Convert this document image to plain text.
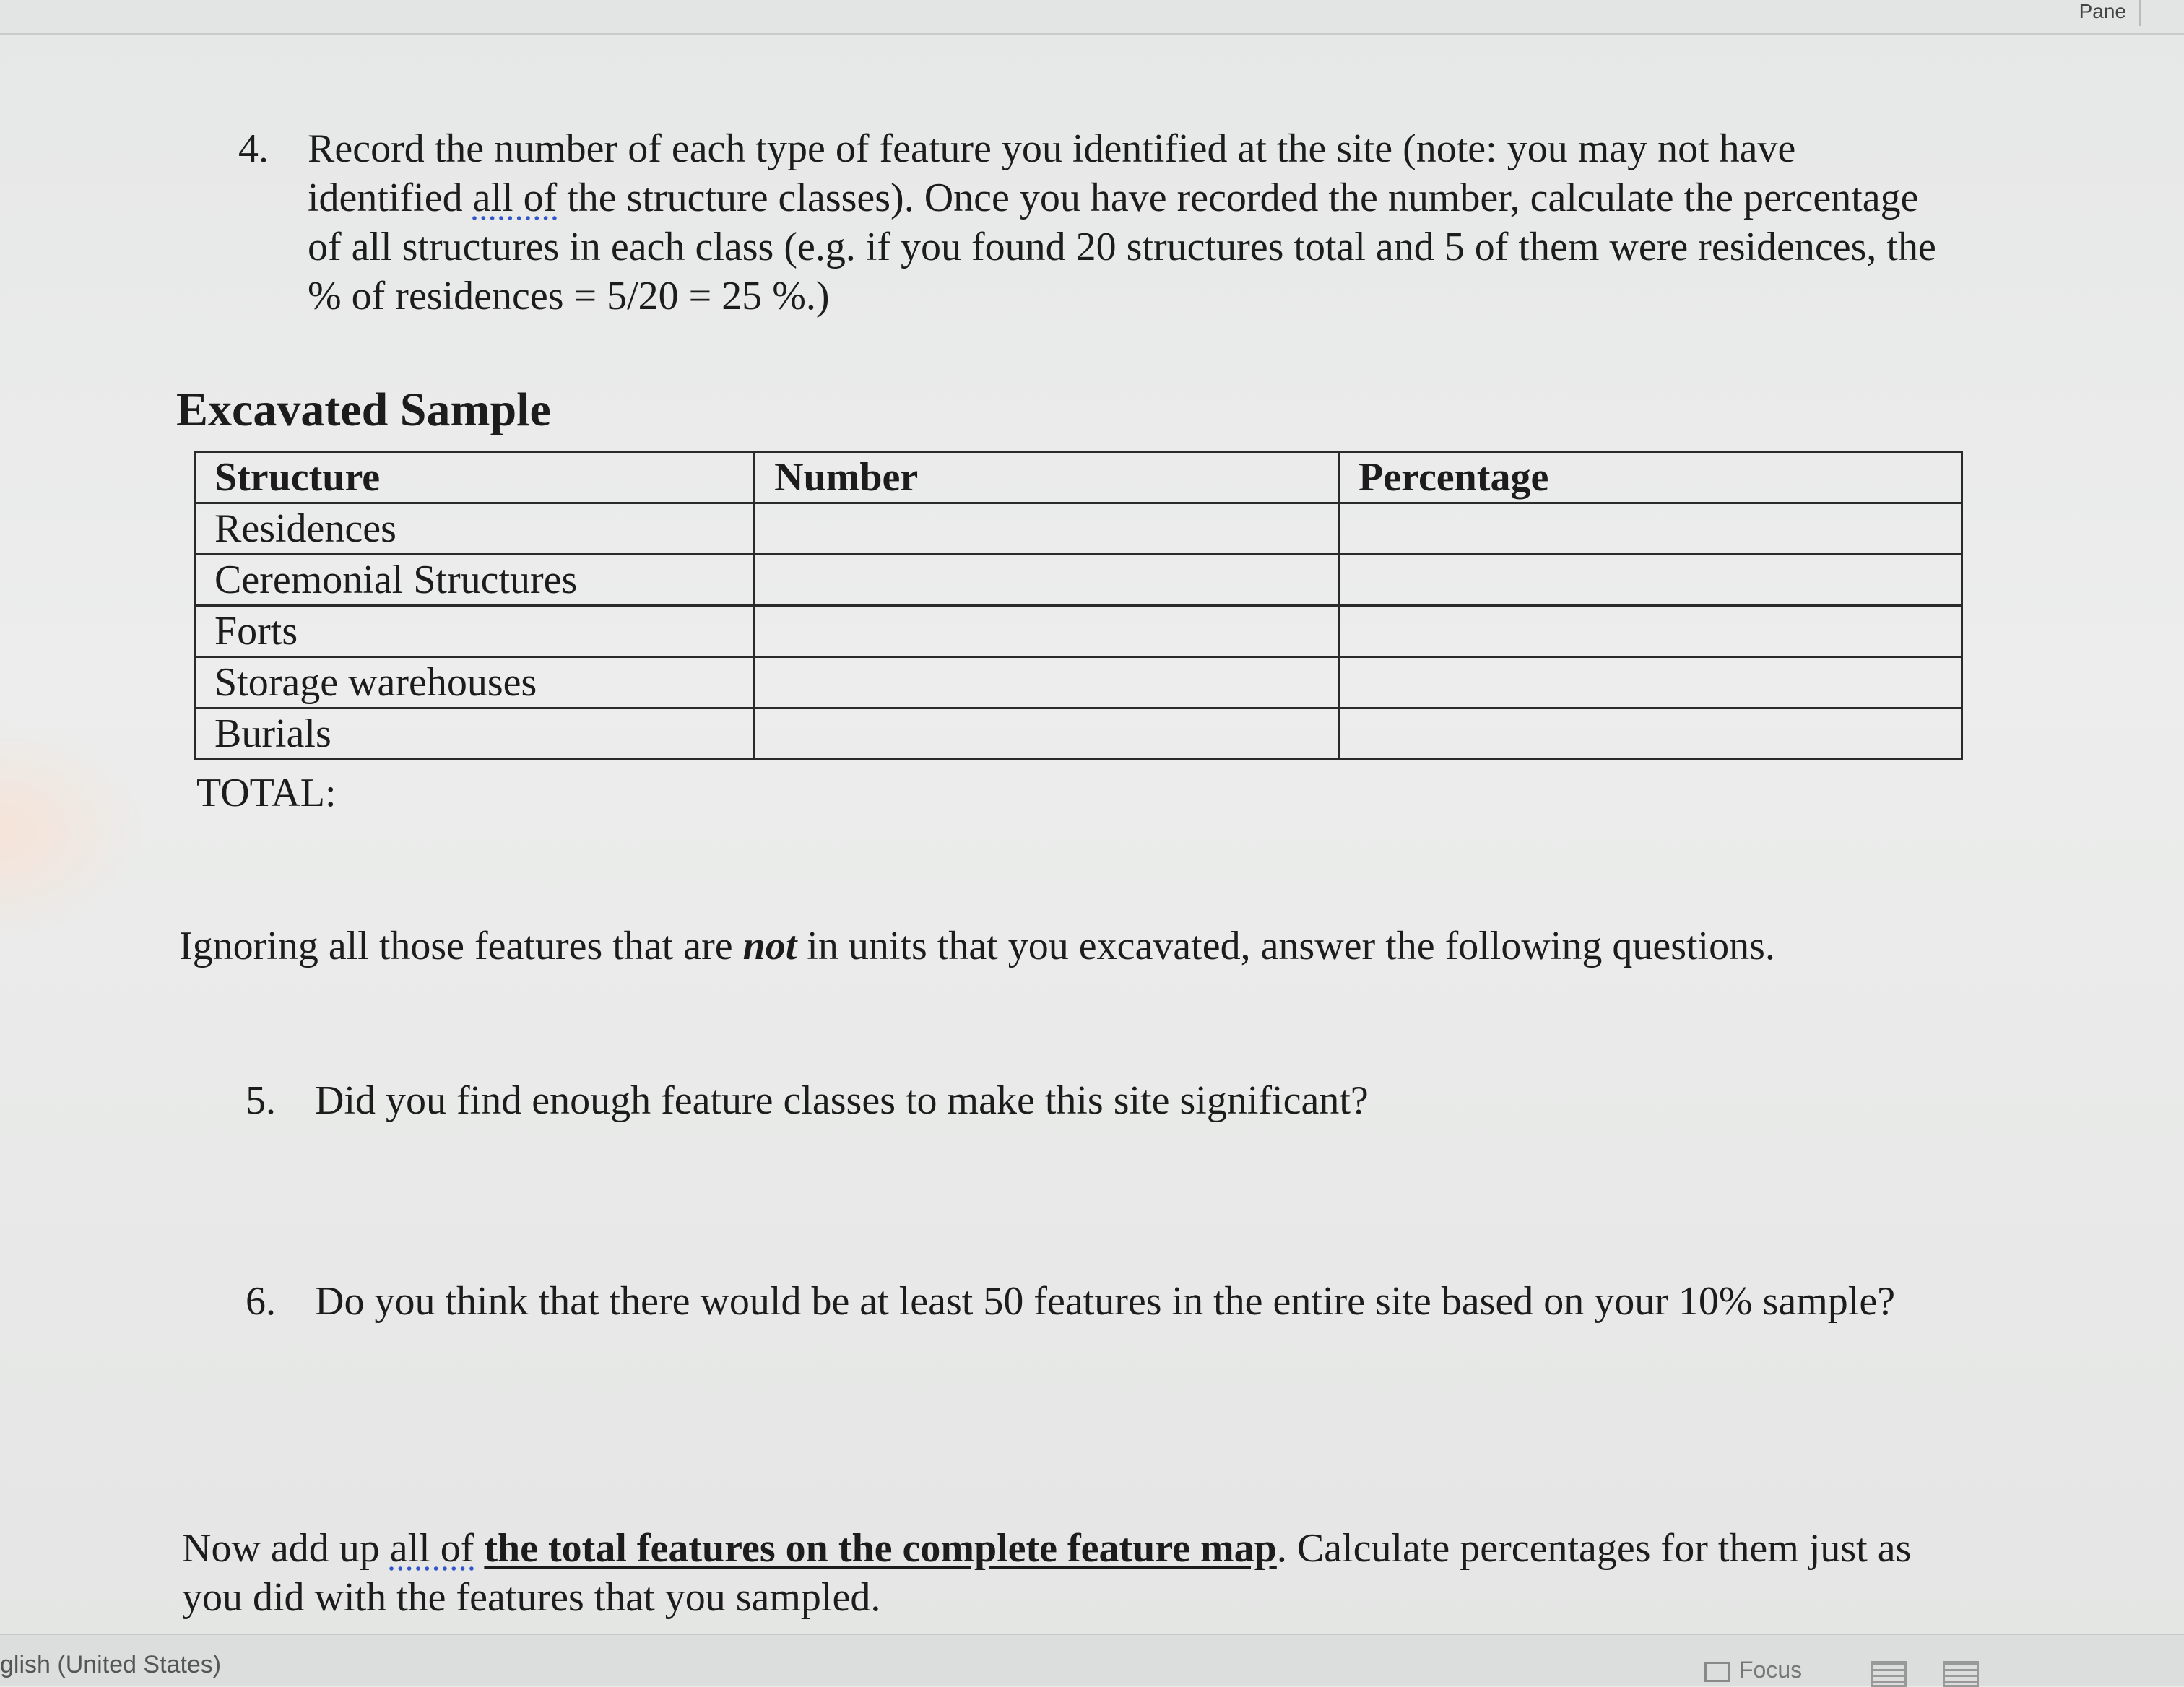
Pane
4. Record the number of each type of feature you identified at the site (note: you may not have identified all of the structure classes). Once you have recorded the number, calculate the percentage of all structures in each class (e.g. if you found 20 structures total and 5 of them were residences, the % of residences = 5/20 = 25 %.)
Excavated Sample
Structure	Number	Percentage
Residences		
Ceremonial Structures		
Forts		
Storage warehouses		
Burials		
TOTAL:
Ignoring all those features that are not in units that you excavated, answer the following questions.
5. Did you find enough feature classes to make this site significant?
6. Do you think that there would be at least 50 features in the entire site based on your 10% sample?
Now add up all of the total features on the complete feature map. Calculate percentages for them just as you did with the features that you sampled.
glish (United States)	Focus
